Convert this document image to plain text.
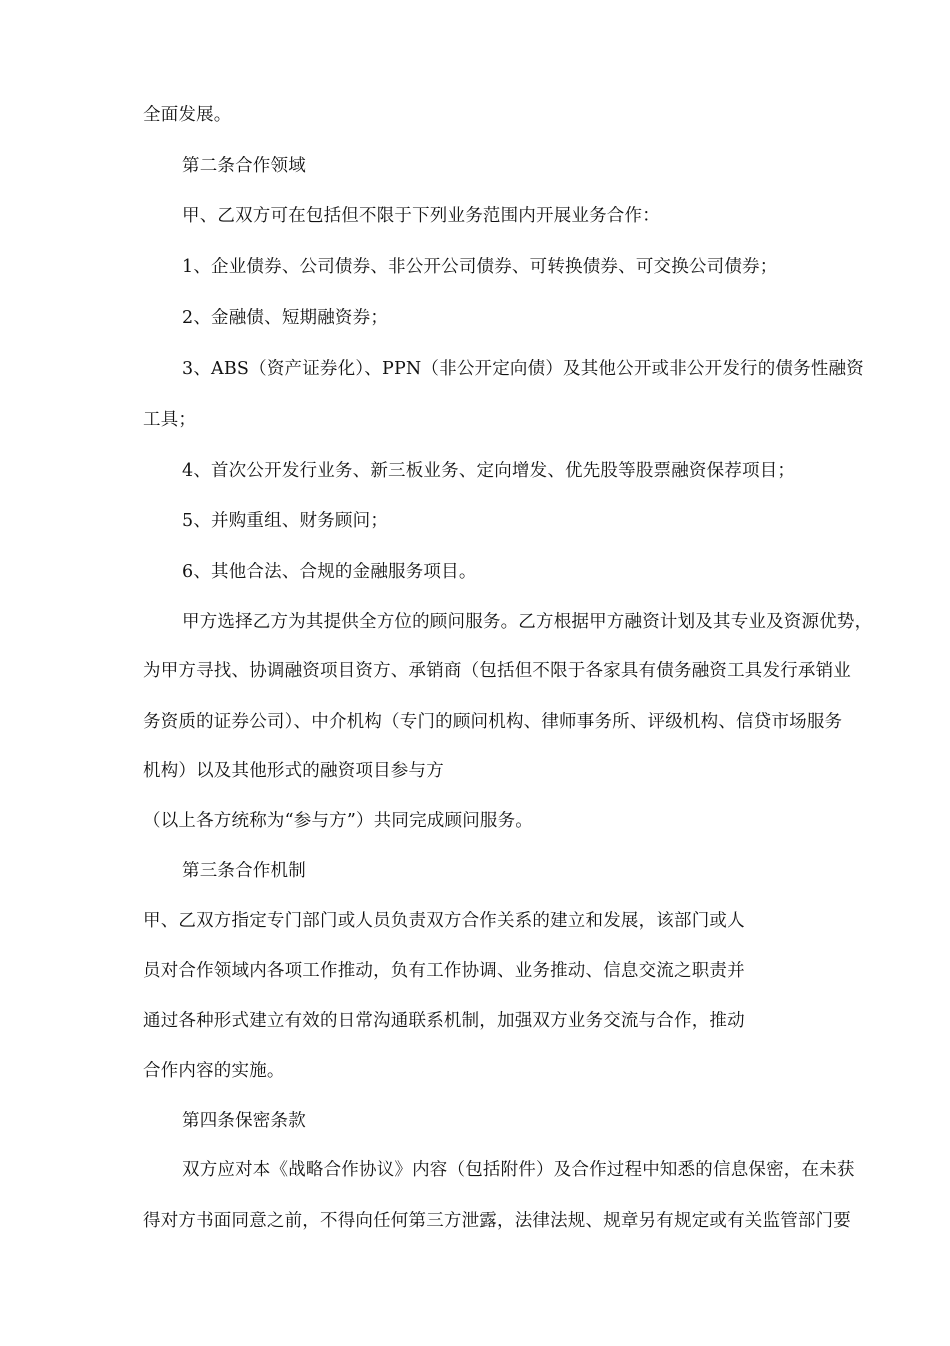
全面发展。
第二条合作领域
甲、乙双方可在包括但不限于下列业务范围内开展业务合作：
1、企业债券、公司债券、非公开公司债券、可转换债券、可交换公司债券；
2、金融债、短期融资券；
3、ABS（资产证券化）、PPN（非公开定向债）及其他公开或非公开发行的债务性融资
工具；
4、首次公开发行业务、新三板业务、定向增发、优先股等股票融资保荐项目；
5、并购重组、财务顾问；
6、其他合法、合规的金融服务项目。
甲方选择乙方为其提供全方位的顾问服务。乙方根据甲方融资计划及其专业及资源优势，
为甲方寻找、协调融资项目资方、承销商（包括但不限于各家具有债务融资工具发行承销业
务资质的证券公司）、中介机构（专门的顾问机构、律师事务所、评级机构、信贷市场服务
机构）以及其他形式的融资项目参与方
（以上各方统称为“参与方”）共同完成顾问服务。
第三条合作机制
甲、乙双方指定专门部门或人员负责双方合作关系的建立和发展，该部门或人
员对合作领域内各项工作推动，负有工作协调、业务推动、信息交流之职责并
通过各种形式建立有效的日常沟通联系机制，加强双方业务交流与合作，推动
合作内容的实施。
第四条保密条款
双方应对本《战略合作协议》内容（包括附件）及合作过程中知悉的信息保密，在未获
得对方书面同意之前，不得向任何第三方泄露，法律法规、规章另有规定或有关监管部门要
